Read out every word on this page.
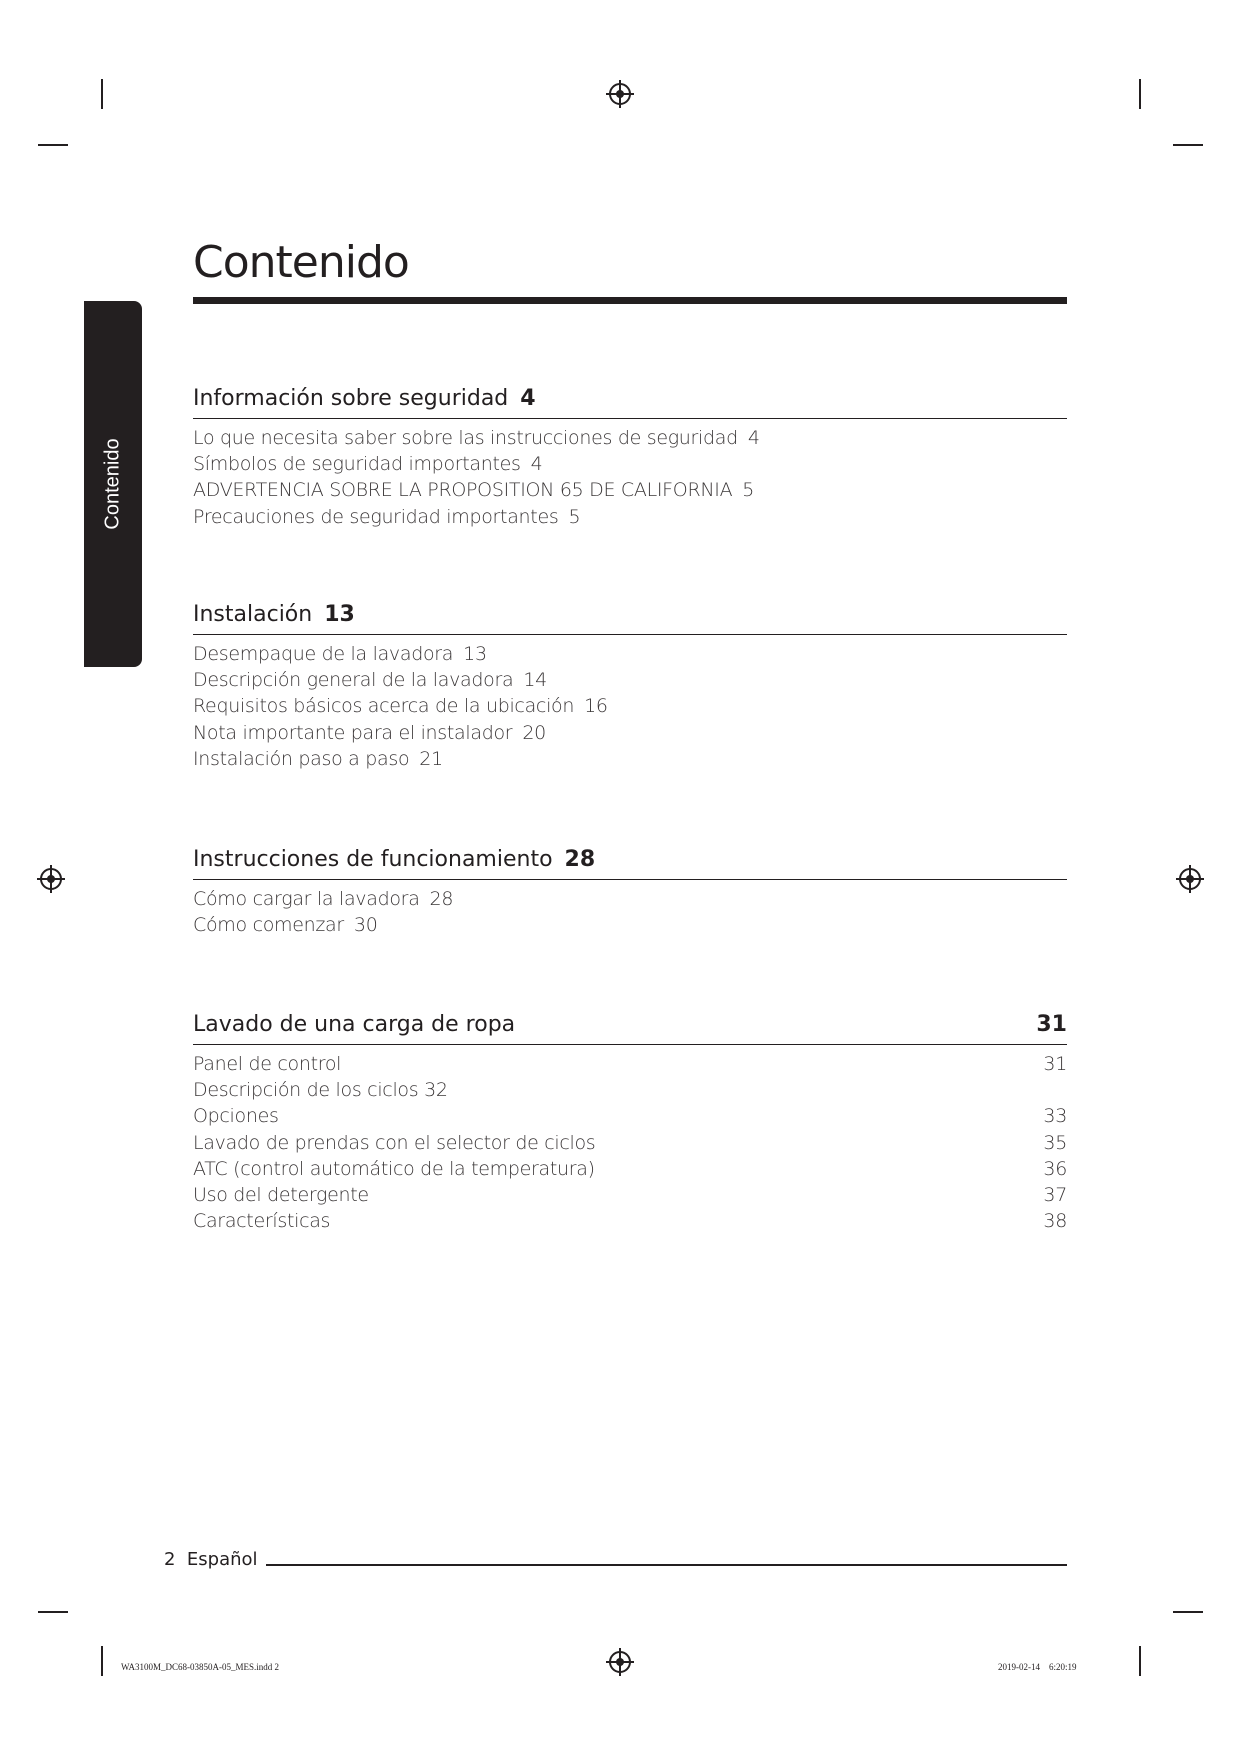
Contenido
Contenido
Información sobre seguridad 4
Lo que necesita saber sobre las instrucciones de seguridad 4
Símbolos de seguridad importantes 4
ADVERTENCIA SOBRE LA PROPOSITION 65 DE CALIFORNIA 5
Precauciones de seguridad importantes 5
Instalación 13
Desempaque de la lavadora 13
Descripción general de la lavadora 14
Requisitos básicos acerca de la ubicación 16
Nota importante para el instalador 20
Instalación paso a paso 21
Instrucciones de funcionamiento 28
Cómo cargar la lavadora 28
Cómo comenzar 30
Lavado de una carga de ropa	31
Panel de control	31
Descripción de los ciclos 32
Opciones	33
Lavado de prendas con el selector de ciclos	35
ATC (control automático de la temperatura)	36
Uso del detergente	37
Características	38
2 Español
WA3100M_DC68-03850A-05_MES.indd 2	2019-02-14    6:20:19
